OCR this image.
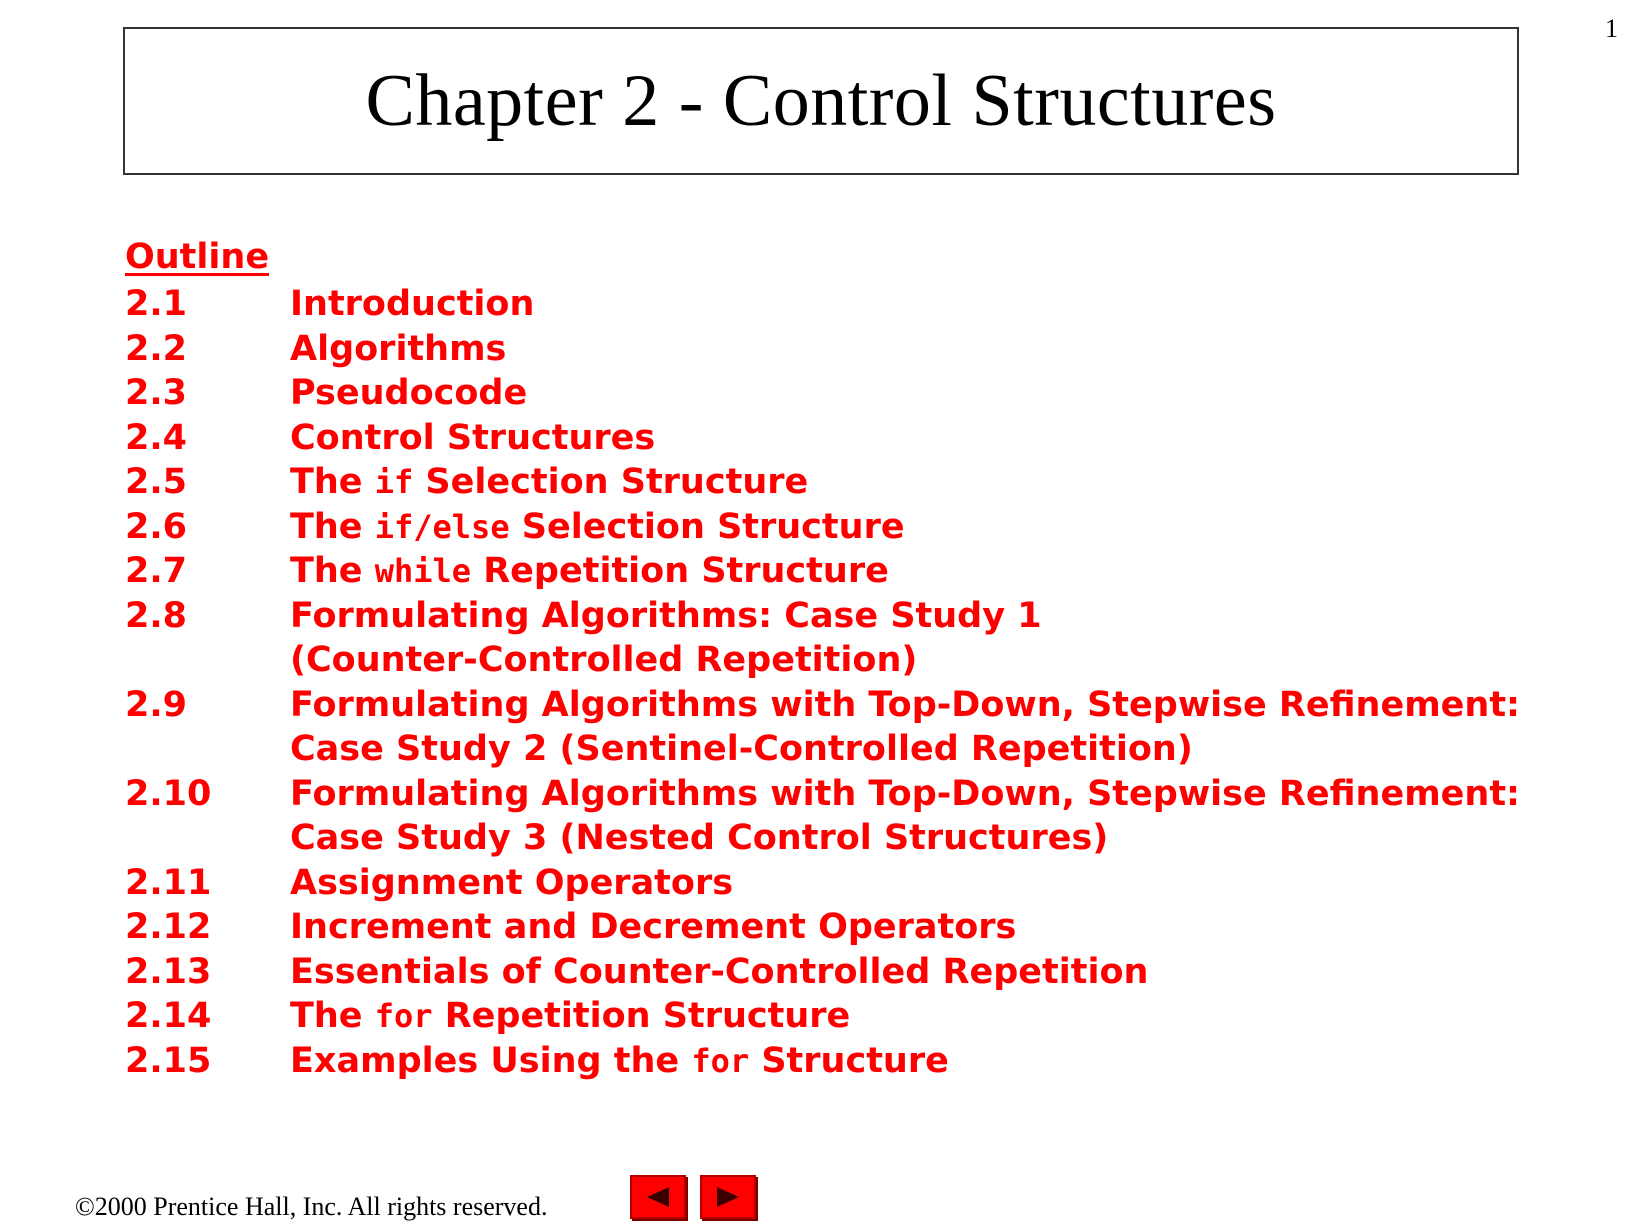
1
Chapter 2 - Control Structures
Outline
2.1	Introduction
2.2	Algorithms
2.3	Pseudocode
2.4	Control Structures
2.5	The if Selection Structure
2.6	The if/else Selection Structure
2.7	The while Repetition Structure
2.8	Formulating Algorithms: Case Study 1
(Counter-Controlled Repetition)
2.9	Formulating Algorithms with Top-Down, Stepwise Refinement:
Case Study 2 (Sentinel-Controlled Repetition)
2.10	Formulating Algorithms with Top-Down, Stepwise Refinement:
Case Study 3 (Nested Control Structures)
2.11	Assignment Operators
2.12	Increment and Decrement Operators
2.13	Essentials of Counter-Controlled Repetition
2.14	The for Repetition Structure
2.15	Examples Using the for Structure
©2000 Prentice Hall, Inc. All rights reserved.
